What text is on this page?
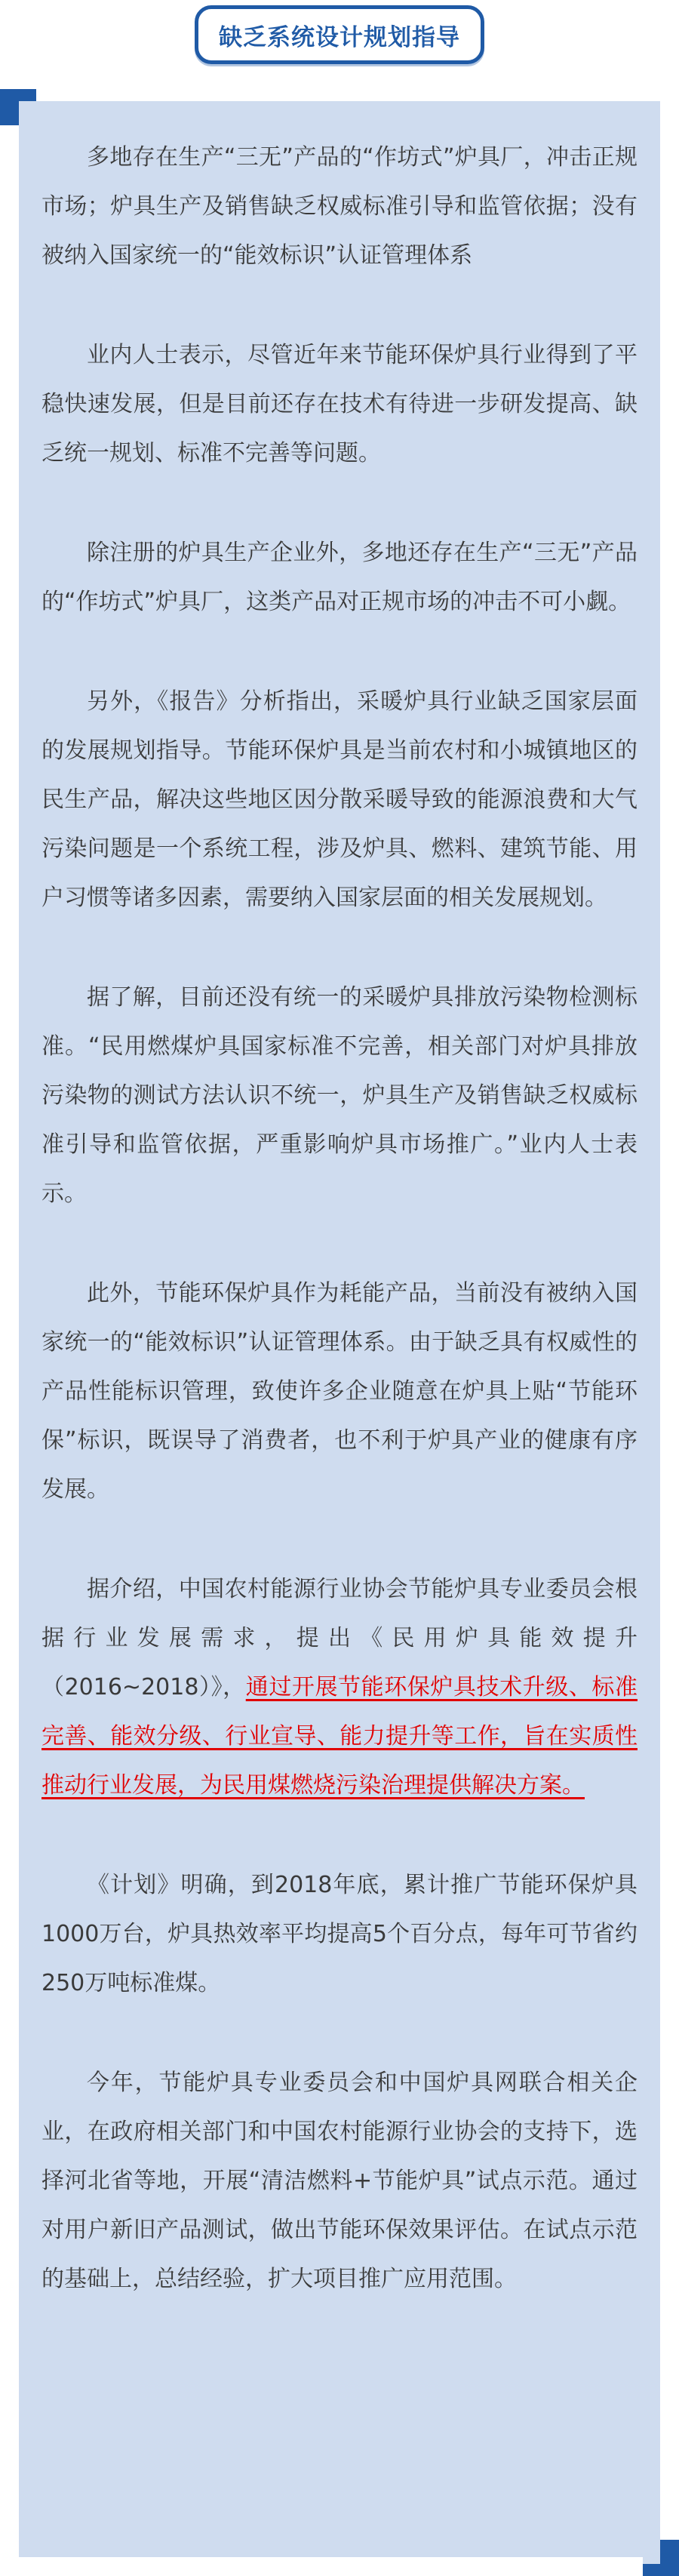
缺乏系统设计规划指导

多地存在生产“三无”产品的“作坊式”炉具厂，冲击正规市场；炉具生产及销售缺乏权威标准引导和监管依据；没有被纳入国家统一的“能效标识”认证管理体系

业内人士表示，尽管近年来节能环保炉具行业得到了平稳快速发展，但是目前还存在技术有待进一步研发提高、缺乏统一规划、标准不完善等问题。

除注册的炉具生产企业外，多地还存在生产“三无”产品的“作坊式”炉具厂，这类产品对正规市场的冲击不可小觑。

另外，《报告》分析指出，采暖炉具行业缺乏国家层面的发展规划指导。节能环保炉具是当前农村和小城镇地区的民生产品，解决这些地区因分散采暖导致的能源浪费和大气污染问题是一个系统工程，涉及炉具、燃料、建筑节能、用户习惯等诸多因素，需要纳入国家层面的相关发展规划。

据了解，目前还没有统一的采暖炉具排放污染物检测标准。“民用燃煤炉具国家标准不完善，相关部门对炉具排放污染物的测试方法认识不统一，炉具生产及销售缺乏权威标准引导和监管依据，严重影响炉具市场推广。”业内人士表示。

此外，节能环保炉具作为耗能产品，当前没有被纳入国家统一的“能效标识”认证管理体系。由于缺乏具有权威性的产品性能标识管理，致使许多企业随意在炉具上贴“节能环保”标识，既误导了消费者，也不利于炉具产业的健康有序发展。

据介绍，中国农村能源行业协会节能炉具专业委员会根据行业发展需求，提出《民用炉具能效提升（2016~2018）》，通过开展节能环保炉具技术升级、标准完善、能效分级、行业宣导、能力提升等工作，旨在实质性推动行业发展，为民用煤燃烧污染治理提供解决方案。

《计划》明确，到2018年底，累计推广节能环保炉具1000万台，炉具热效率平均提高5个百分点，每年可节省约250万吨标准煤。

今年，节能炉具专业委员会和中国炉具网联合相关企业，在政府相关部门和中国农村能源行业协会的支持下，选择河北省等地，开展“清洁燃料+节能炉具”试点示范。通过对用户新旧产品测试，做出节能环保效果评估。在试点示范的基础上，总结经验，扩大项目推广应用范围。
